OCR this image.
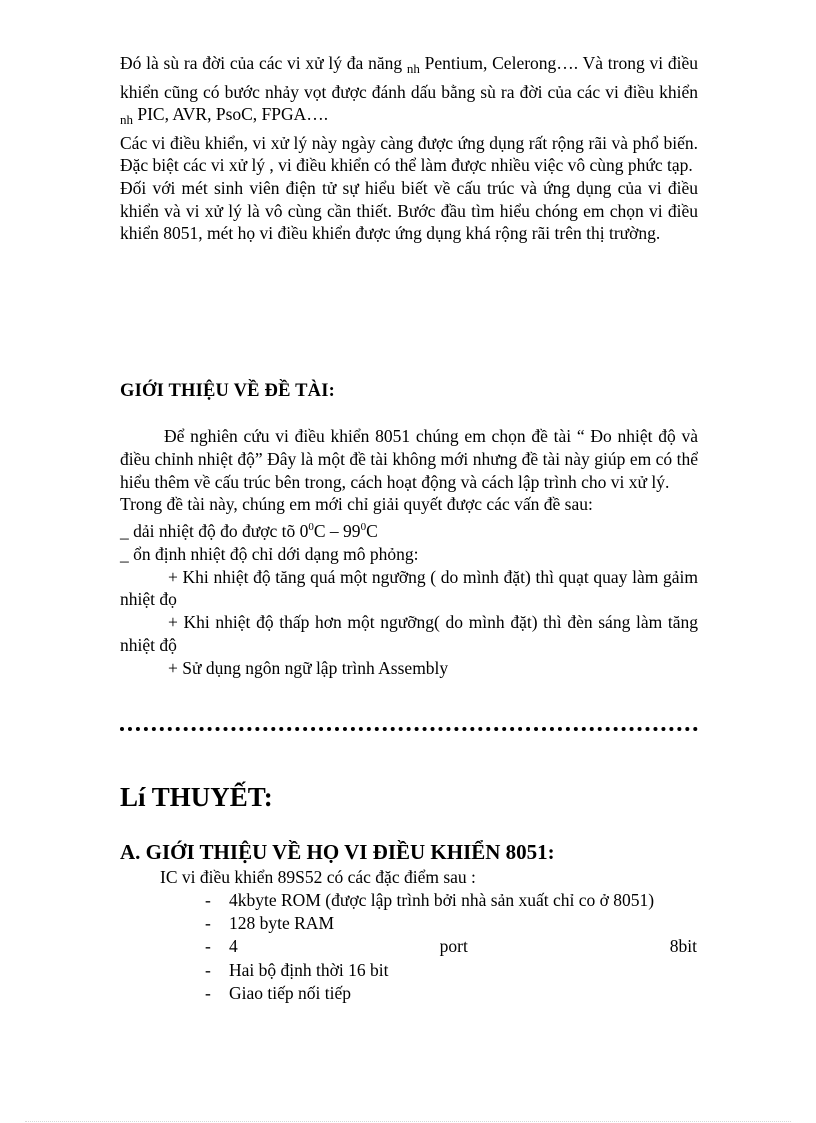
Đó là sù ra đời của các vi xử lý đa năng $_{nh}$ Pentium, Celerong…. Và trong vi điều khiển cũng có bước nhảy vọt được đánh dấu bằng sù ra đời của các vi điều khiển $_{nh}$ PIC, AVR, PsoC, FPGA….

Các vi điều khiển, vi xử lý này ngày càng được ứng dụng rất rộng rãi và phổ biến. Đặc biệt các vi xử lý , vi điều khiển có thể làm được nhiều việc vô cùng phức tạp.

Đối với mét sinh viên điện tử sự hiểu biết về cấu trúc và ứng dụng của vi điều khiển và vi xử lý là vô cùng cần thiết. Bước đầu tìm hiểu chóng em chọn vi điều khiển 8051, mét họ vi điều khiển được ứng dụng khá rộng rãi trên thị trường.

GIỚI THIỆU VỀ ĐỀ TÀI:

Để nghiên cứu vi điều khiển 8051 chúng em chọn đề tài “ Đo nhiệt độ và điều chỉnh nhiệt độ” Đây là một đề tài không mới nhưng đề tài này giúp em có thể hiểu thêm về cấu trúc bên trong, cách hoạt động và cách lập trình cho vi xử lý.

Trong đề tài này, chúng em mới chỉ giải quyết được các vấn đề sau:

_ dải nhiệt độ đo được tõ $0^0C - 99^0C$

_ ổn định nhiệt độ chỉ dới dạng mô phỏng:

+ Khi nhiệt độ tăng quá một ngưỡng ( do mình đặt) thì quạt quay làm gảim nhiệt đọ

+ Khi nhiệt độ thấp hơn một ngưỡng( do mình đặt) thì đèn sáng làm tăng nhiệt độ

+ Sử dụng ngôn ngữ lập trình Assembly

Lí THUYẾT:
A. GIỚI THIỆU VỀ HỌ VI ĐIỀU KHIỂN 8051:

IC vi điều khiển 89S52 có các đặc điểm sau :

- 4kbyte ROM (được lập trình bởi nhà sản xuất chỉ co ở 8051)
- 128 byte RAM
- 4	port	8bit
- Hai bộ định thời 16 bit
- Giao tiếp nối tiếp
